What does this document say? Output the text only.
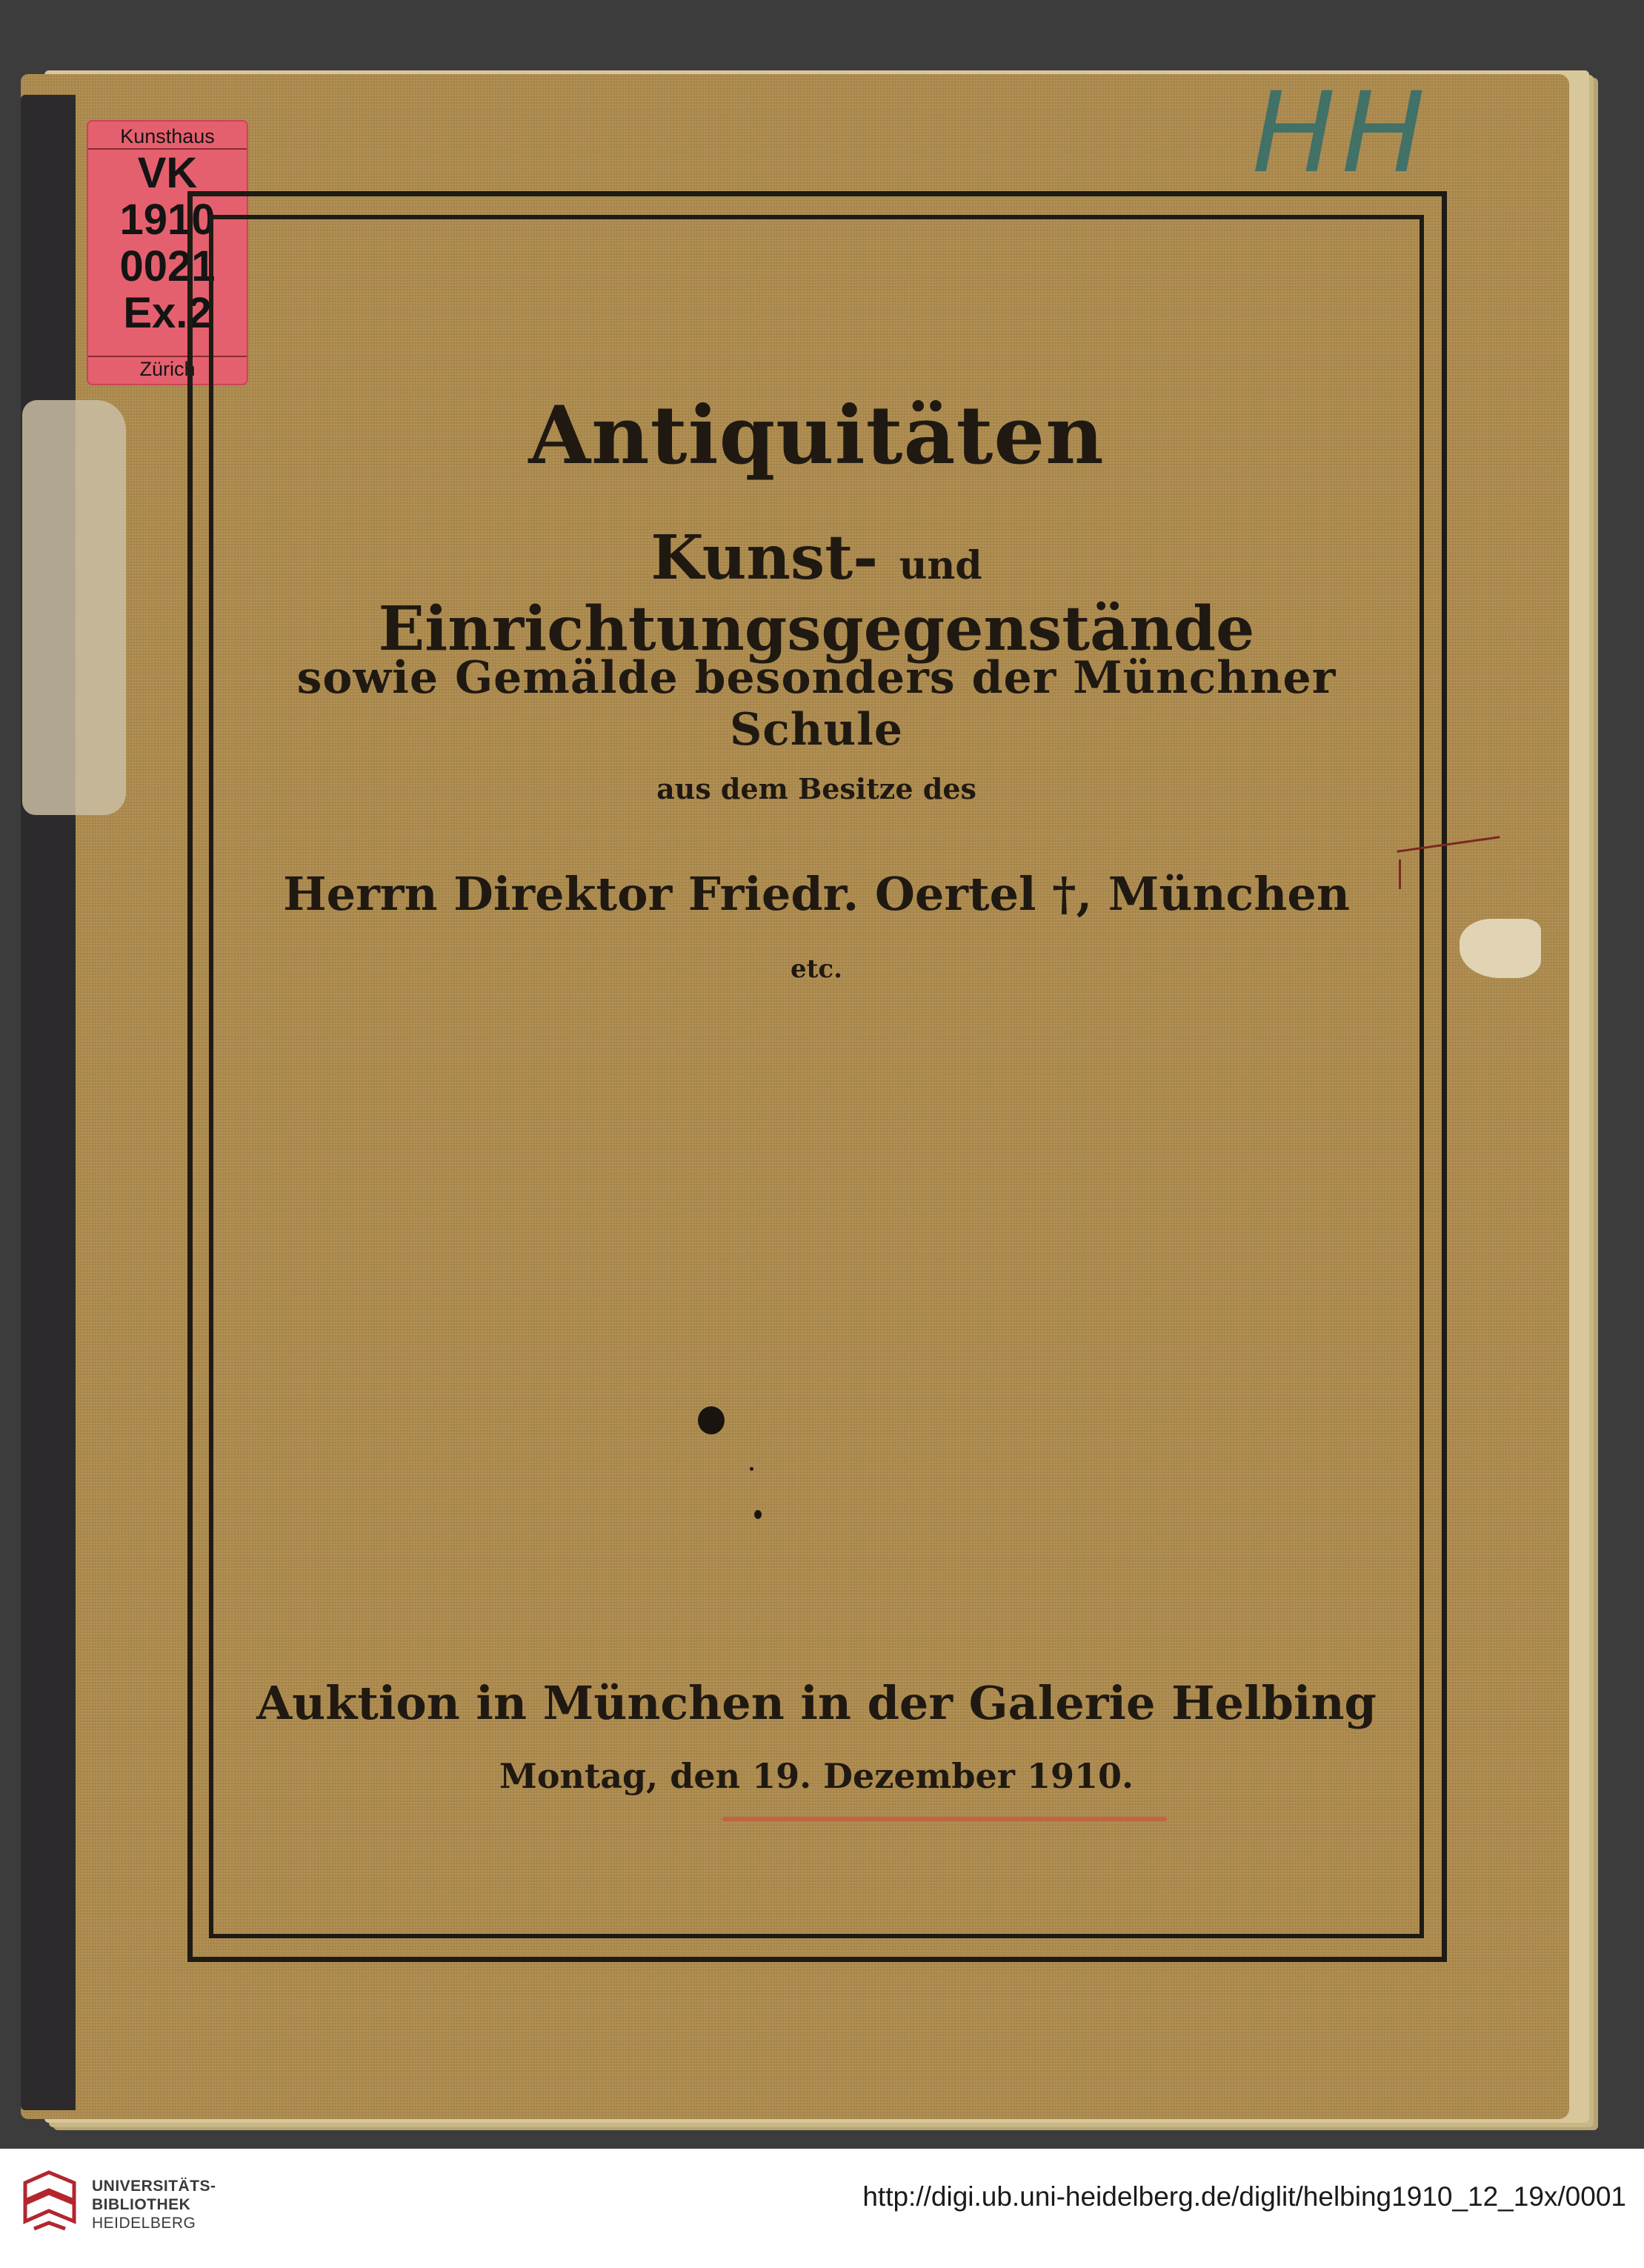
Kunsthaus
VK
1910
0021
Ex.2
Zürich
HH
Antiquitäten
Kunst- und Einrichtungsgegenstände
sowie Gemälde besonders der Münchner Schule
aus dem Besitze des
Herrn Direktor Friedr. Oertel †, München
etc.
Auktion in München in der Galerie Helbing
Montag, den 19. Dezember 1910.
UNIVERSITÄTS-
BIBLIOTHEK
HEIDELBERG
http://digi.ub.uni-heidelberg.de/diglit/helbing1910_12_19x/0001
